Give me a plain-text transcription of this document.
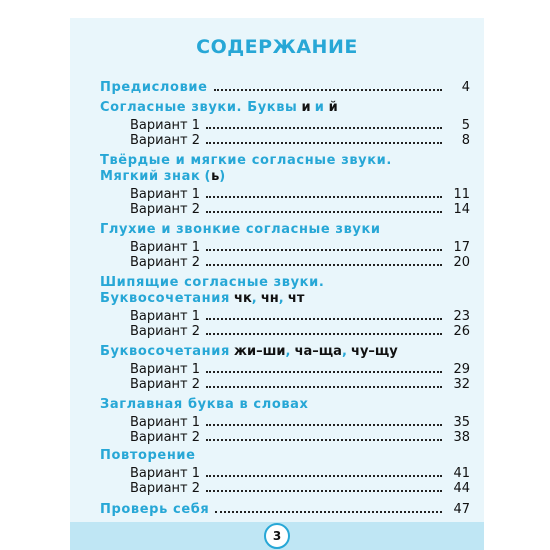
СОДЕРЖАНИЕ
Предисловие	4
Согласные звуки. Буквы и и й
Вариант 1	5
Вариант 2	8
Твёрдые и мягкие согласные звуки.
Мягкий знак (ь)
Вариант 1	11
Вариант 2	14
Глухие и звонкие согласные звуки
Вариант 1	17
Вариант 2	20
Шипящие согласные звуки.
Буквосочетания чк, чн, чт
Вариант 1	23
Вариант 2	26
Буквосочетания жи–ши, ча–ща, чу–щу
Вариант 1	29
Вариант 2	32
Заглавная буква в словах
Вариант 1	35
Вариант 2	38
Повторение
Вариант 1	41
Вариант 2	44
Проверь себя	47
3
